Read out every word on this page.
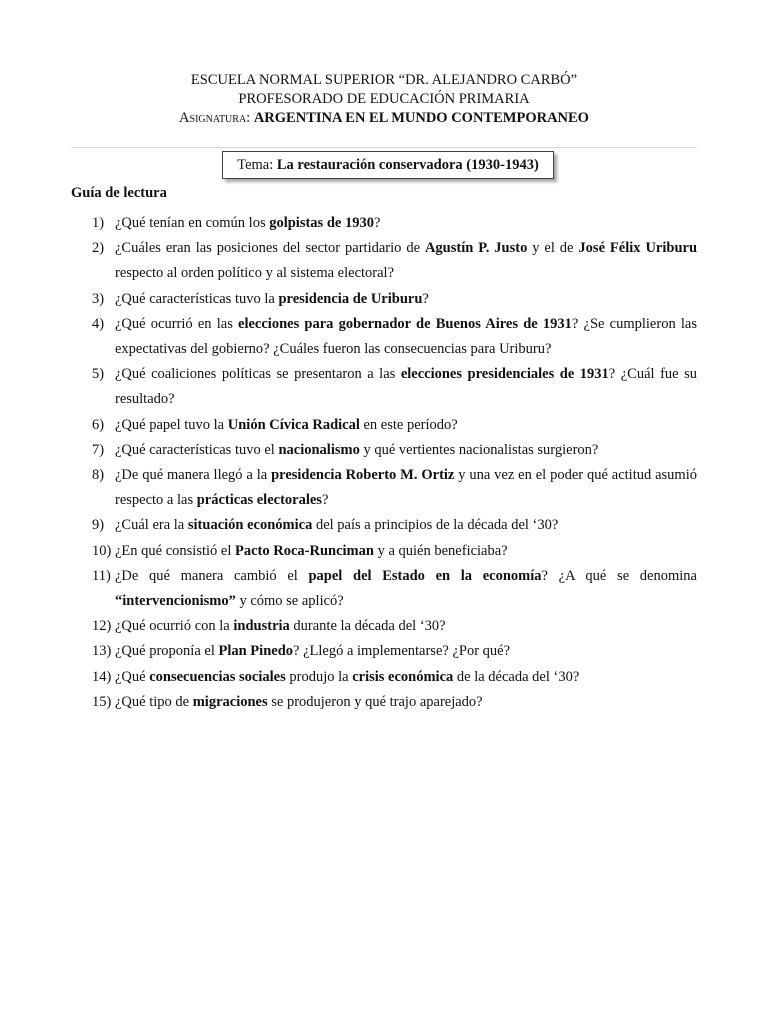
ESCUELA NORMAL SUPERIOR “DR. ALEJANDRO CARBÓ”
PROFESORADO DE EDUCACIÓN PRIMARIA
Asignatura: ARGENTINA EN EL MUNDO CONTEMPORANEO
Tema: La restauración conservadora (1930-1943)
Guía de lectura
1) ¿Qué tenían en común los golpistas de 1930?
2) ¿Cuáles eran las posiciones del sector partidario de Agustín P. Justo y el de José Félix Uriburu respecto al orden político y al sistema electoral?
3) ¿Qué características tuvo la presidencia de Uriburu?
4) ¿Qué ocurrió en las elecciones para gobernador de Buenos Aires de 1931? ¿Se cumplieron las expectativas del gobierno? ¿Cuáles fueron las consecuencias para Uriburu?
5) ¿Qué coaliciones políticas se presentaron a las elecciones presidenciales de 1931? ¿Cuál fue su resultado?
6) ¿Qué papel tuvo la Unión Cívica Radical en este período?
7) ¿Qué características tuvo el nacionalismo y qué vertientes nacionalistas surgieron?
8) ¿De qué manera llegó a la presidencia Roberto M. Ortiz y una vez en el poder qué actitud asumió respecto a las prácticas electorales?
9) ¿Cuál era la situación económica del país a principios de la década del ‘30?
10) ¿En qué consistió el Pacto Roca-Runciman y a quién beneficiaba?
11) ¿De qué manera cambió el papel del Estado en la economía? ¿A qué se denomina “intervencionismo” y cómo se aplicó?
12) ¿Qué ocurrió con la industria durante la década del ‘30?
13) ¿Qué proponía el Plan Pinedo? ¿Llegó a implementarse? ¿Por qué?
14) ¿Qué consecuencias sociales produjo la crisis económica de la década del ‘30?
15) ¿Qué tipo de migraciones se produjeron y qué trajo aparejado?
